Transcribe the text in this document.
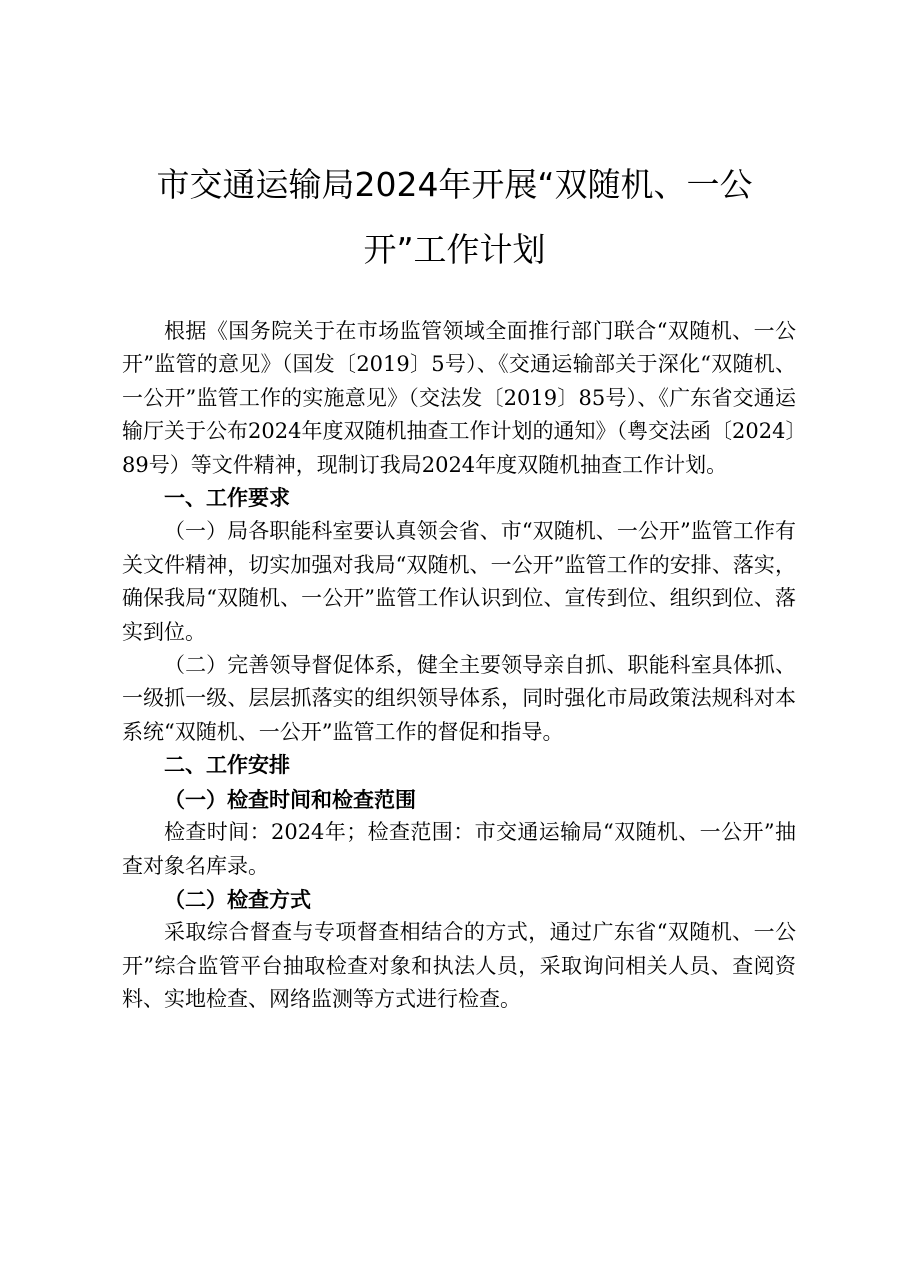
市交通运输局2024年开展“双随机、一公
开”工作计划

根据《国务院关于在市场监管领域全面推行部门联合“双随机、一公开”监管的意见》（国发〔2019〕5号）、《交通运输部关于深化“双随机、一公开”监管工作的实施意见》（交法发〔2019〕85号）、《广东省交通运输厅关于公布2024年度双随机抽查工作计划的通知》（粤交法函〔2024〕89号）等文件精神，现制订我局2024年度双随机抽查工作计划。

一、工作要求

（一）局各职能科室要认真领会省、市“双随机、一公开”监管工作有关文件精神，切实加强对我局“双随机、一公开”监管工作的安排、落实，确保我局“双随机、一公开”监管工作认识到位、宣传到位、组织到位、落实到位。

（二）完善领导督促体系，健全主要领导亲自抓、职能科室具体抓、一级抓一级、层层抓落实的组织领导体系，同时强化市局政策法规科对本系统“双随机、一公开”监管工作的督促和指导。

二、工作安排

（一）检查时间和检查范围

检查时间：2024年；检查范围：市交通运输局“双随机、一公开”抽查对象名库录。

（二）检查方式

采取综合督查与专项督查相结合的方式，通过广东省“双随机、一公开”综合监管平台抽取检查对象和执法人员，采取询问相关人员、查阅资料、实地检查、网络监测等方式进行检查。
